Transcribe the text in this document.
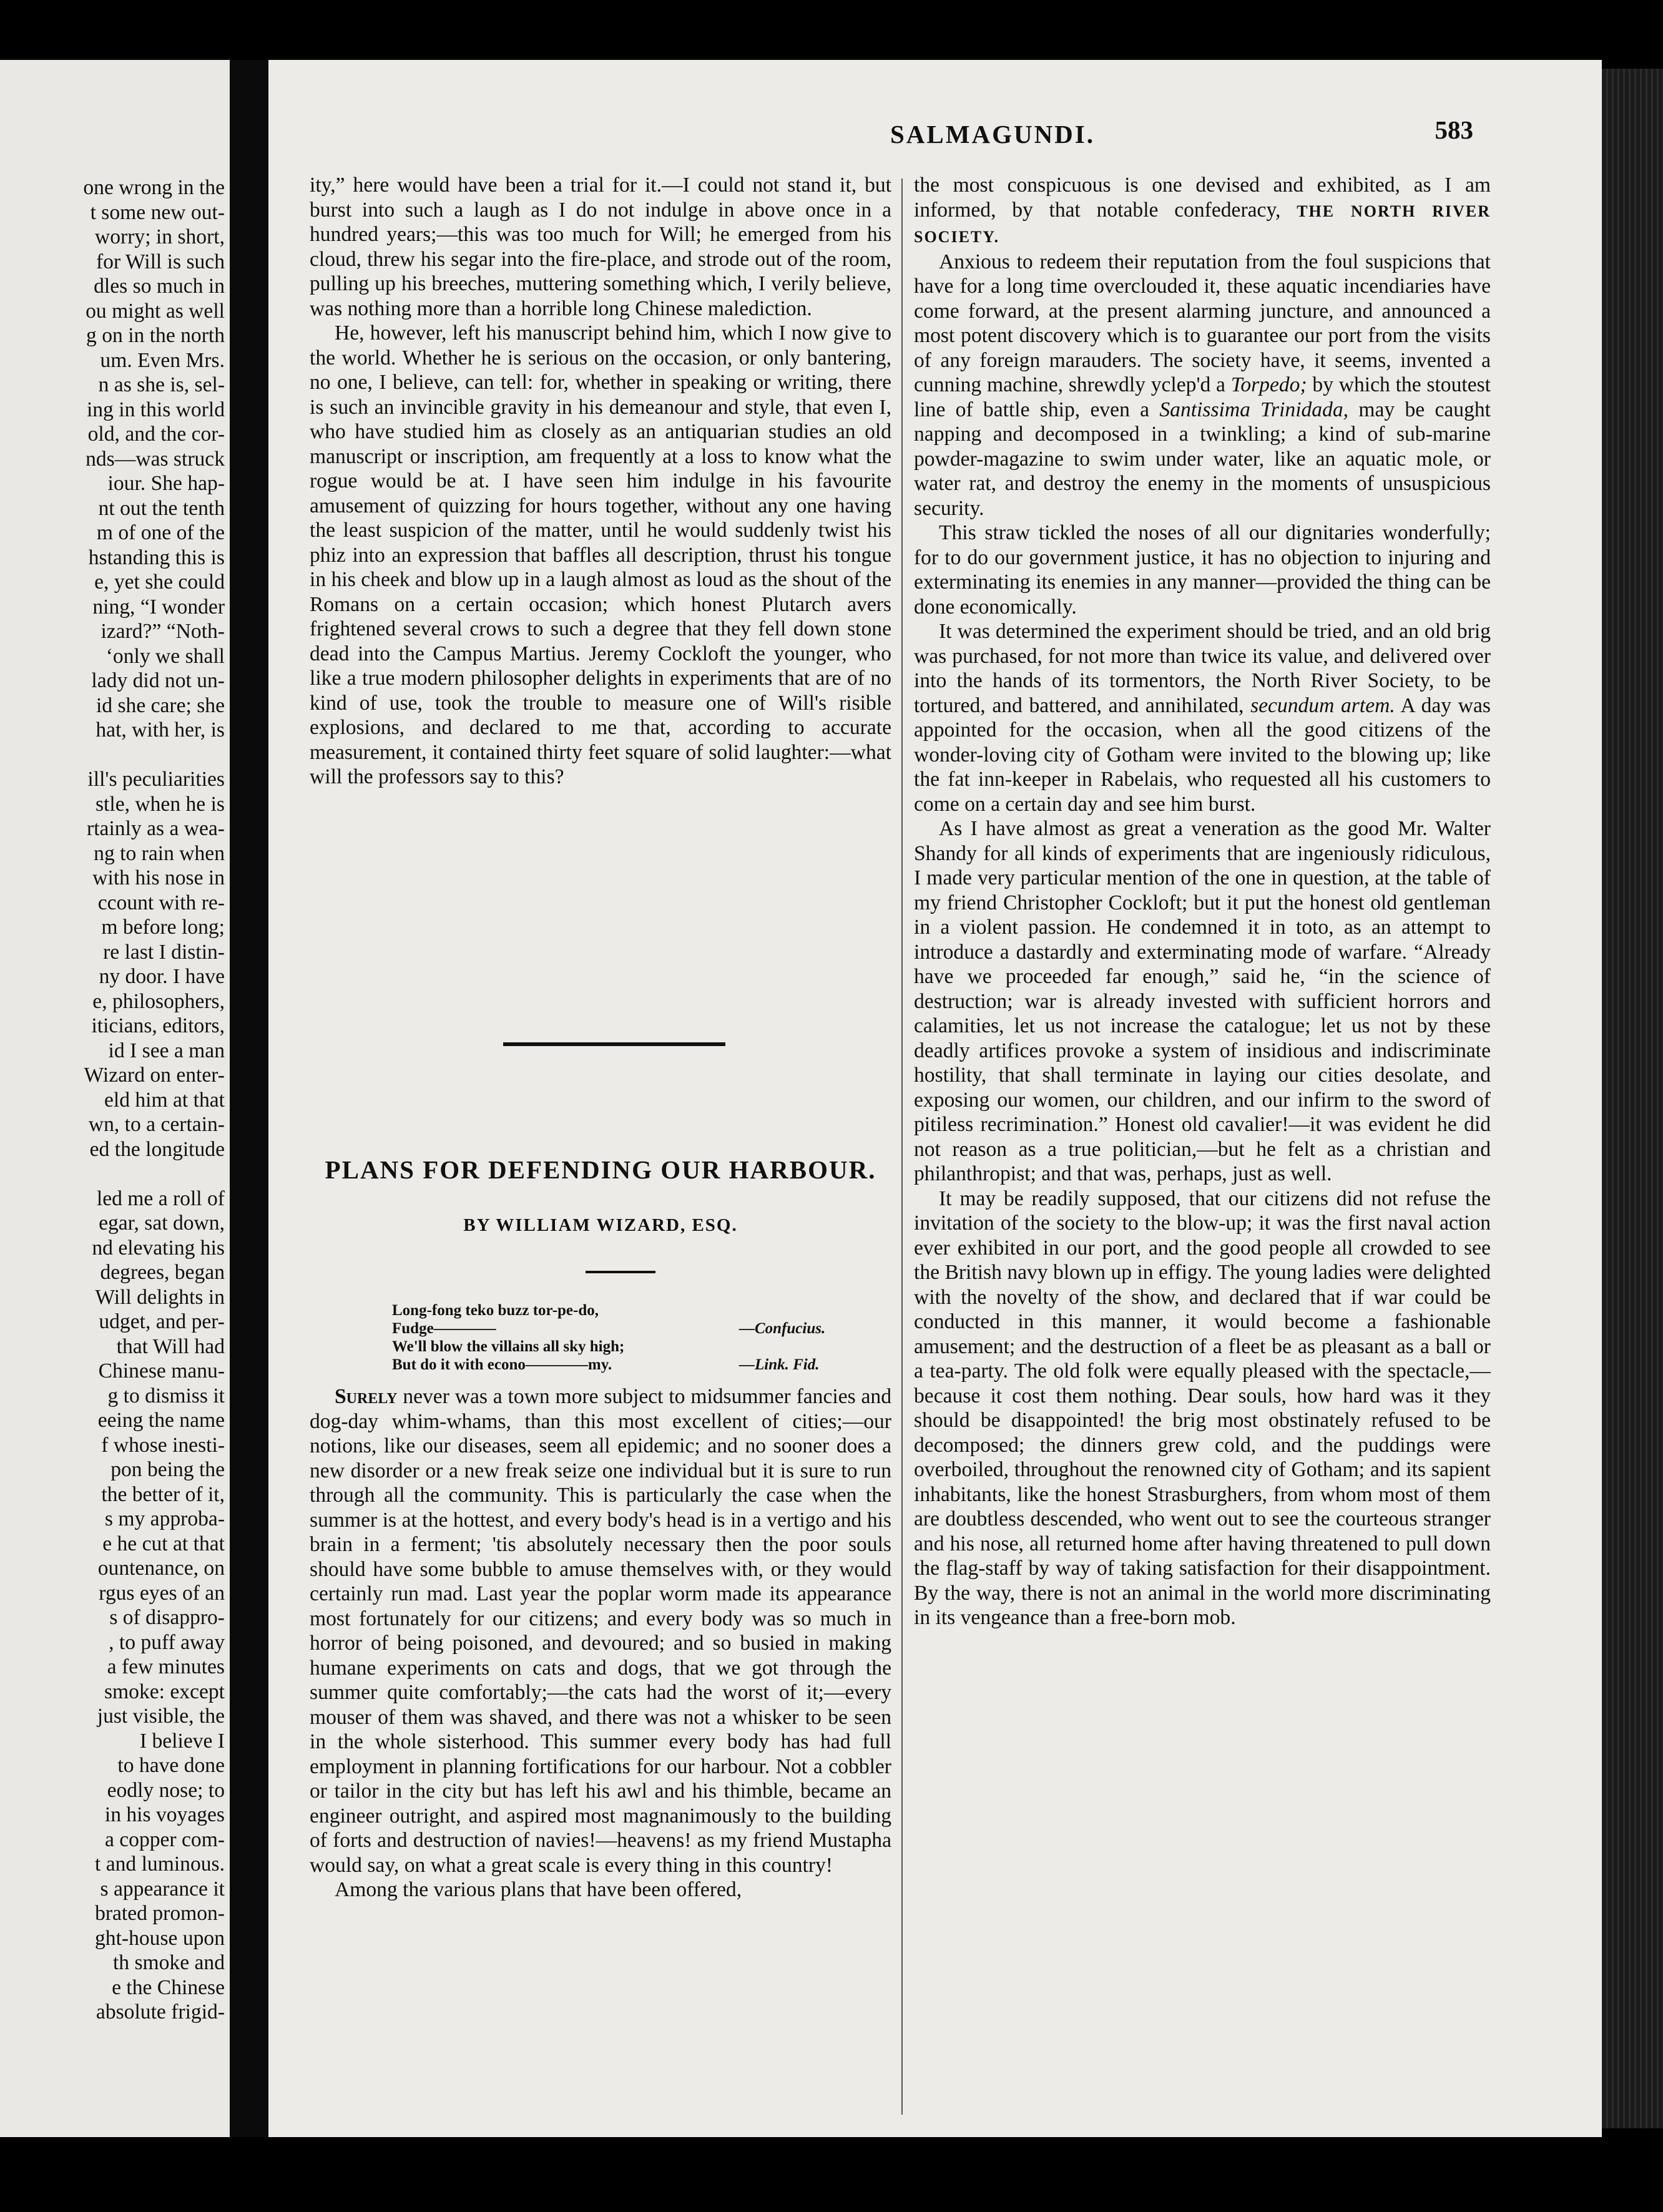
one wrong in the
t some new out-
worry; in short,
for Will is such
dles so much in
ou might as well
g on in the north
um. Even Mrs.
n as she is, sel-
ing in this world
old, and the cor-
nds—was struck
iour. She hap-
nt out the tenth
m of one of the
hstanding this is
e, yet she could
ning, “I wonder
izard?” “Noth-
‘only we shall
lady did not un-
id she care; she
hat, with her, is
ill's peculiarities
stle, when he is
rtainly as a wea-
ng to rain when
with his nose in
ccount with re-
m before long;
re last I distin-
ny door. I have
e, philosophers,
iticians, editors,
id I see a man
Wizard on enter-
eld him at that
wn, to a certain-
ed the longitude
led me a roll of
egar, sat down,
nd elevating his
degrees, began
Will delights in
udget, and per-
that Will had
Chinese manu-
g to dismiss it
eeing the name
f whose inesti-
pon being the
the better of it,
s my approba-
e he cut at that
ountenance, on
rgus eyes of an
s of disappro-
, to puff away
a few minutes
smoke: except
just visible, the
I believe I
to have done
eodly nose; to
in his voyages
a copper com-
t and luminous.
s appearance it
brated promon-
ght-house upon
th smoke and
e the Chinese
absolute frigid-
SALMAGUNDI.	583

ity,” here would have been a trial for it.—I could not stand it, but burst into such a laugh as I do not indulge in above once in a hundred years;—this was too much for Will; he emerged from his cloud, threw his segar into the fire-place, and strode out of the room, pulling up his breeches, muttering something which, I verily believe, was nothing more than a horrible long Chinese malediction.

He, however, left his manuscript behind him, which I now give to the world. Whether he is serious on the occasion, or only bantering, no one, I believe, can tell: for, whether in speaking or writing, there is such an invincible gravity in his demeanour and style, that even I, who have studied him as closely as an antiquarian studies an old manuscript or inscription, am frequently at a loss to know what the rogue would be at. I have seen him indulge in his favourite amusement of quizzing for hours together, without any one having the least suspicion of the matter, until he would suddenly twist his phiz into an expression that baffles all description, thrust his tongue in his cheek and blow up in a laugh almost as loud as the shout of the Romans on a certain occasion; which honest Plutarch avers frightened several crows to such a degree that they fell down stone dead into the Campus Martius. Jeremy Cockloft the younger, who like a true modern philosopher delights in experiments that are of no kind of use, took the trouble to measure one of Will's risible explosions, and declared to me that, according to accurate measurement, it contained thirty feet square of solid laughter:—what will the professors say to this?

PLANS FOR DEFENDING OUR HARBOUR.
BY WILLIAM WIZARD, ESQ.
Long-fong teko buzz tor-pe-do,
Fudge————	—Confucius.
We'll blow the villains all sky high;
But do it with econo————my.	—Link. Fid.

Surely never was a town more subject to midsummer fancies and dog-day whim-whams, than this most excellent of cities;—our notions, like our diseases, seem all epidemic; and no sooner does a new disorder or a new freak seize one individual but it is sure to run through all the community. This is particularly the case when the summer is at the hottest, and every body's head is in a vertigo and his brain in a ferment; 'tis absolutely necessary then the poor souls should have some bubble to amuse themselves with, or they would certainly run mad. Last year the poplar worm made its appearance most fortunately for our citizens; and every body was so much in horror of being poisoned, and devoured; and so busied in making humane experiments on cats and dogs, that we got through the summer quite comfortably;—the cats had the worst of it;—every mouser of them was shaved, and there was not a whisker to be seen in the whole sisterhood. This summer every body has had full employment in planning fortifications for our harbour. Not a cobbler or tailor in the city but has left his awl and his thimble, became an engineer outright, and aspired most magnanimously to the building of forts and destruction of navies!—heavens! as my friend Mustapha would say, on what a great scale is every thing in this country!

Among the various plans that have been offered,

the most conspicuous is one devised and exhibited, as I am informed, by that notable confederacy, THE NORTH RIVER SOCIETY.

Anxious to redeem their reputation from the foul suspicions that have for a long time overclouded it, these aquatic incendiaries have come forward, at the present alarming juncture, and announced a most potent discovery which is to guarantee our port from the visits of any foreign marauders. The society have, it seems, invented a cunning machine, shrewdly yclep'd a Torpedo; by which the stoutest line of battle ship, even a Santissima Trinidada, may be caught napping and decomposed in a twinkling; a kind of sub-marine powder-magazine to swim under water, like an aquatic mole, or water rat, and destroy the enemy in the moments of unsuspicious security.

This straw tickled the noses of all our dignitaries wonderfully; for to do our government justice, it has no objection to injuring and exterminating its enemies in any manner—provided the thing can be done economically.

It was determined the experiment should be tried, and an old brig was purchased, for not more than twice its value, and delivered over into the hands of its tormentors, the North River Society, to be tortured, and battered, and annihilated, secundum artem. A day was appointed for the occasion, when all the good citizens of the wonder-loving city of Gotham were invited to the blowing up; like the fat inn-keeper in Rabelais, who requested all his customers to come on a certain day and see him burst.

As I have almost as great a veneration as the good Mr. Walter Shandy for all kinds of experiments that are ingeniously ridiculous, I made very particular mention of the one in question, at the table of my friend Christopher Cockloft; but it put the honest old gentleman in a violent passion. He condemned it in toto, as an attempt to introduce a dastardly and exterminating mode of warfare. “Already have we proceeded far enough,” said he, “in the science of destruction; war is already invested with sufficient horrors and calamities, let us not increase the catalogue; let us not by these deadly artifices provoke a system of insidious and indiscriminate hostility, that shall terminate in laying our cities desolate, and exposing our women, our children, and our infirm to the sword of pitiless recrimination.” Honest old cavalier!—it was evident he did not reason as a true politician,—but he felt as a christian and philanthropist; and that was, perhaps, just as well.

It may be readily supposed, that our citizens did not refuse the invitation of the society to the blow-up; it was the first naval action ever exhibited in our port, and the good people all crowded to see the British navy blown up in effigy. The young ladies were delighted with the novelty of the show, and declared that if war could be conducted in this manner, it would become a fashionable amusement; and the destruction of a fleet be as pleasant as a ball or a tea-party. The old folk were equally pleased with the spectacle,—because it cost them nothing. Dear souls, how hard was it they should be disappointed! the brig most obstinately refused to be decomposed; the dinners grew cold, and the puddings were overboiled, throughout the renowned city of Gotham; and its sapient inhabitants, like the honest Strasburghers, from whom most of them are doubtless descended, who went out to see the courteous stranger and his nose, all returned home after having threatened to pull down the flag-staff by way of taking satisfaction for their disappointment. By the way, there is not an animal in the world more discriminating in its vengeance than a free-born mob.
